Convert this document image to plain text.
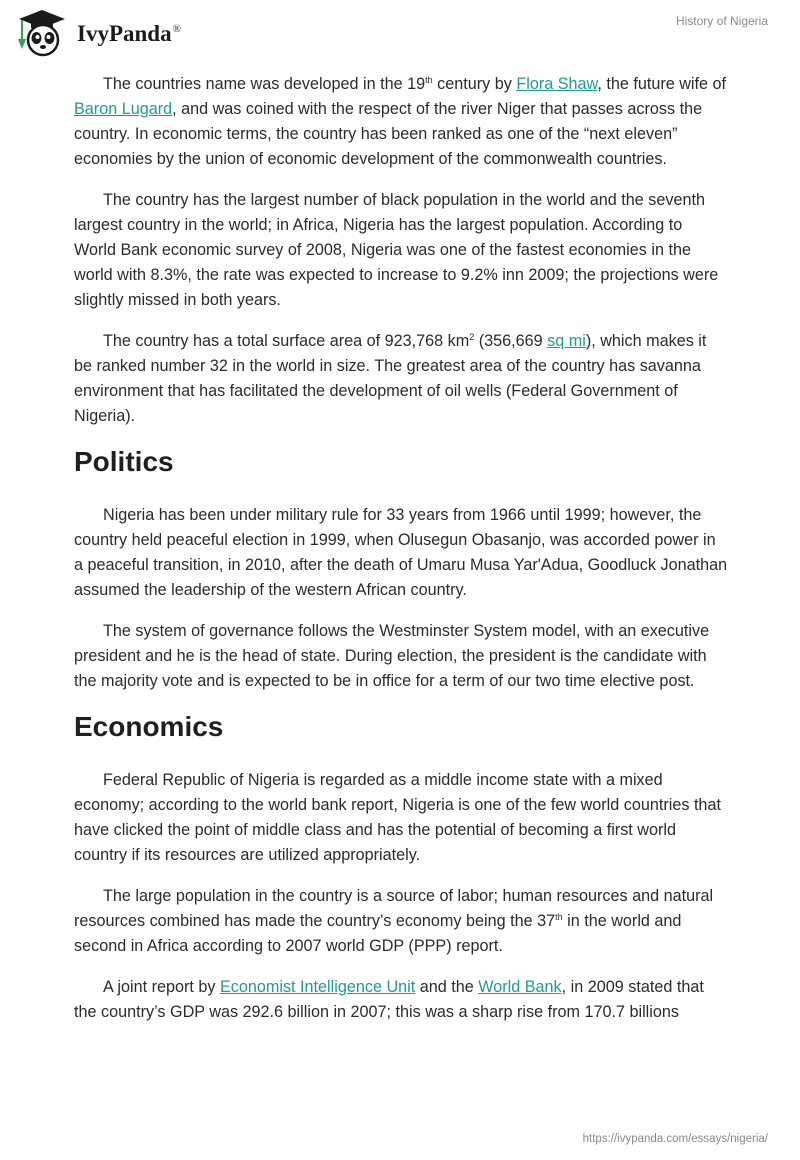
IvyPanda®
History of Nigeria

The countries name was developed in the 19th century by Flora Shaw, the future wife of Baron Lugard, and was coined with the respect of the river Niger that passes across the country. In economic terms, the country has been ranked as one of the “next eleven” economies by the union of economic development of the commonwealth countries.

The country has the largest number of black population in the world and the seventh largest country in the world; in Africa, Nigeria has the largest population. According to World Bank economic survey of 2008, Nigeria was one of the fastest economies in the world with 8.3%, the rate was expected to increase to 9.2% inn 2009; the projections were slightly missed in both years.

The country has a total surface area of 923,768 $km^2$ (356,669 sq mi), which makes it be ranked number 32 in the world in size. The greatest area of the country has savanna environment that has facilitated the development of oil wells (Federal Government of Nigeria).

Politics

Nigeria has been under military rule for 33 years from 1966 until 1999; however, the country held peaceful election in 1999, when Olusegun Obasanjo, was accorded power in a peaceful transition, in 2010, after the death of Umaru Musa Yar'Adua, Goodluck Jonathan assumed the leadership of the western African country.

The system of governance follows the Westminster System model, with an executive president and he is the head of state. During election, the president is the candidate with the majority vote and is expected to be in office for a term of our two time elective post.

Economics

Federal Republic of Nigeria is regarded as a middle income state with a mixed economy; according to the world bank report, Nigeria is one of the few world countries that have clicked the point of middle class and has the potential of becoming a first world country if its resources are utilized appropriately.

The large population in the country is a source of labor; human resources and natural resources combined has made the country’s economy being the 37th in the world and second in Africa according to 2007 world GDP (PPP) report.

A joint report by Economist Intelligence Unit and the World Bank, in 2009 stated that the country’s GDP was 292.6 billion in 2007; this was a sharp rise from 170.7 billions

https://ivypanda.com/essays/nigeria/
